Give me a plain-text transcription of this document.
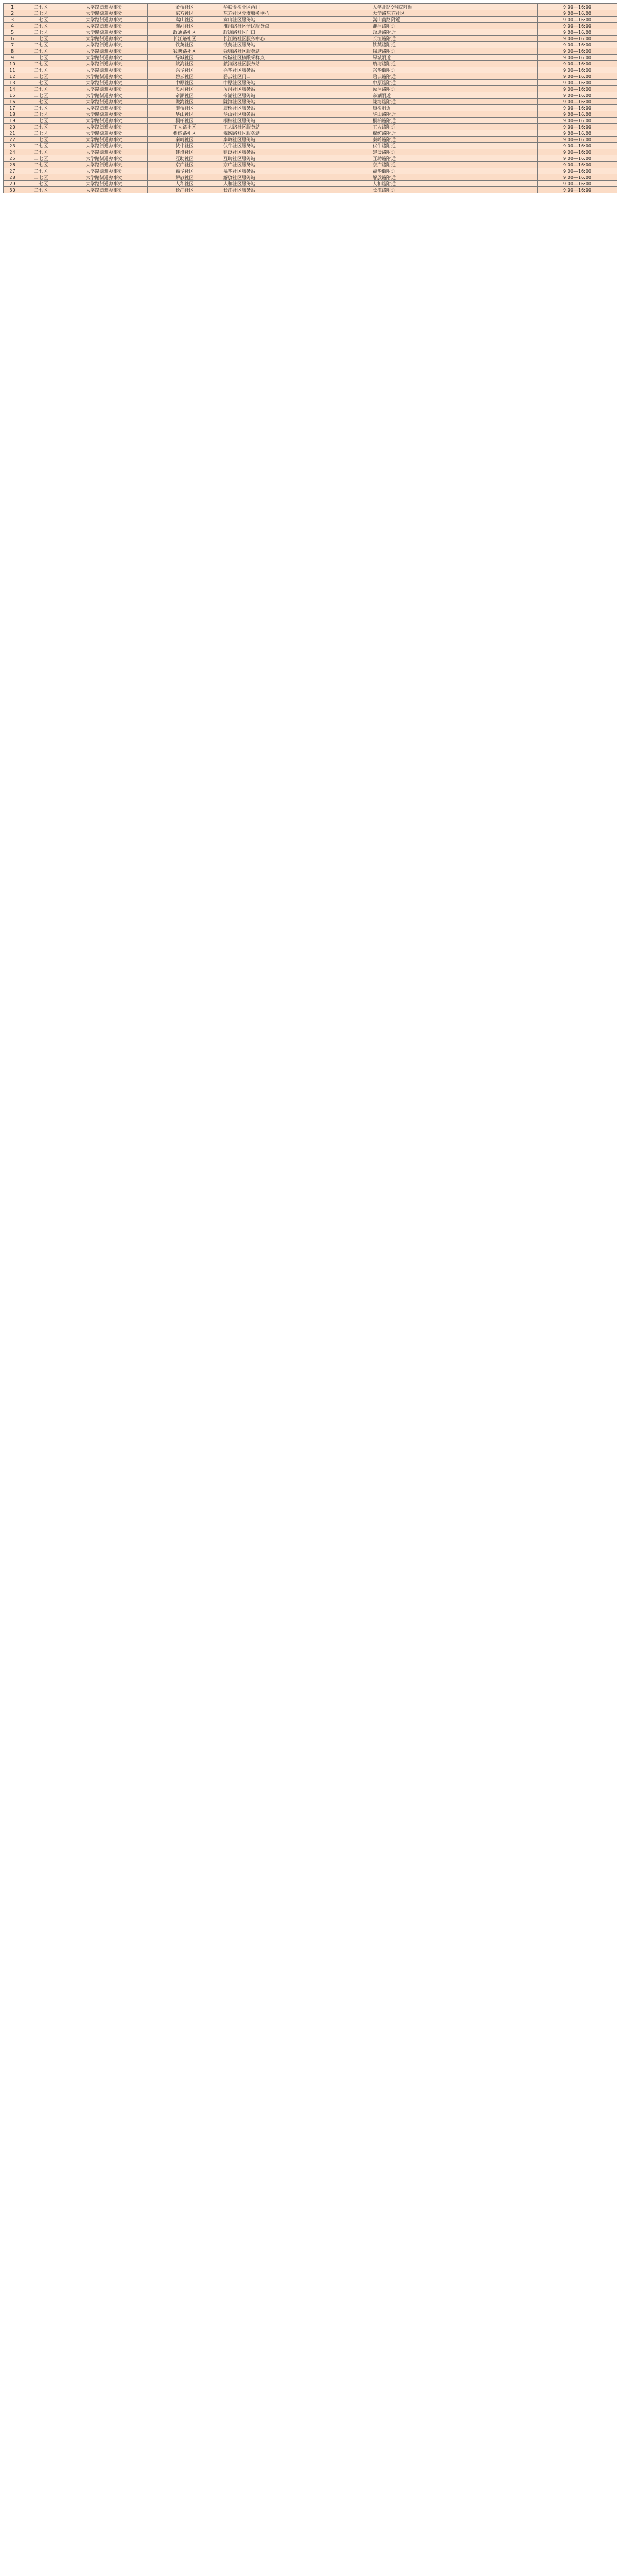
1	二七区	大学路街道办事处	金桥社区	华联金桥小区西门	大学北路9号院附近	9:00—16:00
2	二七区	大学路街道办事处	东方社区	东方社区党群服务中心	大学路东方社区	9:00—16:00
3	二七区	大学路街道办事处	嵩山社区	嵩山社区服务站	嵩山南路附近	9:00—16:00
4	二七区	大学路街道办事处	淮河社区	淮河路社区便民服务点	淮河路附近	9:00—16:00
5	二七区	大学路街道办事处	政通路社区	政通路社区门口	政通路附近	9:00—16:00
6	二七区	大学路街道办事处	长江路社区	长江路社区服务中心	长江路附近	9:00—16:00
7	二七区	大学路街道办事处	铁英社区	铁英社区服务站	铁英路附近	9:00—16:00
8	二七区	大学路街道办事处	钱塘路社区	钱塘路社区服务站	钱塘路附近	9:00—16:00
9	二七区	大学路街道办事处	绿城社区	绿城社区核酸采样点	绿城附近	9:00—16:00
10	二七区	大学路街道办事处	航海社区	航海路社区服务站	航海路附近	9:00—16:00
11	二七区	大学路街道办事处	兴华社区	兴华社区服务站	兴华街附近	9:00—16:00
12	二七区	大学路街道办事处	碧云社区	碧云社区门口	碧云路附近	9:00—16:00
13	二七区	大学路街道办事处	中原社区	中原社区服务站	中原路附近	9:00—16:00
14	二七区	大学路街道办事处	汝河社区	汝河社区服务站	汝河路附近	9:00—16:00
15	二七区	大学路街道办事处	帝湖社区	帝湖社区服务站	帝湖附近	9:00—16:00
16	二七区	大学路街道办事处	陇海社区	陇海社区服务站	陇海路附近	9:00—16:00
17	二七区	大学路街道办事处	康桥社区	康桥社区服务站	康桥附近	9:00—16:00
18	二七区	大学路街道办事处	华山社区	华山社区服务站	华山路附近	9:00—16:00
19	二七区	大学路街道办事处	桐柏社区	桐柏社区服务站	桐柏路附近	9:00—16:00
20	二七区	大学路街道办事处	工人路社区	工人路社区服务站	工人路附近	9:00—16:00
21	二七区	大学路街道办事处	棉纺路社区	棉纺路社区服务站	棉纺路附近	9:00—16:00
22	二七区	大学路街道办事处	秦岭社区	秦岭社区服务站	秦岭路附近	9:00—16:00
23	二七区	大学路街道办事处	伏牛社区	伏牛社区服务站	伏牛路附近	9:00—16:00
24	二七区	大学路街道办事处	建设社区	建设社区服务站	建设路附近	9:00—16:00
25	二七区	大学路街道办事处	互助社区	互助社区服务站	互助路附近	9:00—16:00
26	二七区	大学路街道办事处	京广社区	京广社区服务站	京广路附近	9:00—16:00
27	二七区	大学路街道办事处	福华社区	福华社区服务站	福华街附近	9:00—16:00
28	二七区	大学路街道办事处	解放社区	解放社区服务站	解放路附近	9:00—16:00
29	二七区	大学路街道办事处	人和社区	人和社区服务站	人和路附近	9:00—16:00
30	二七区	大学路街道办事处	长江社区	长江社区服务站	长江路附近	9:00—16:00
